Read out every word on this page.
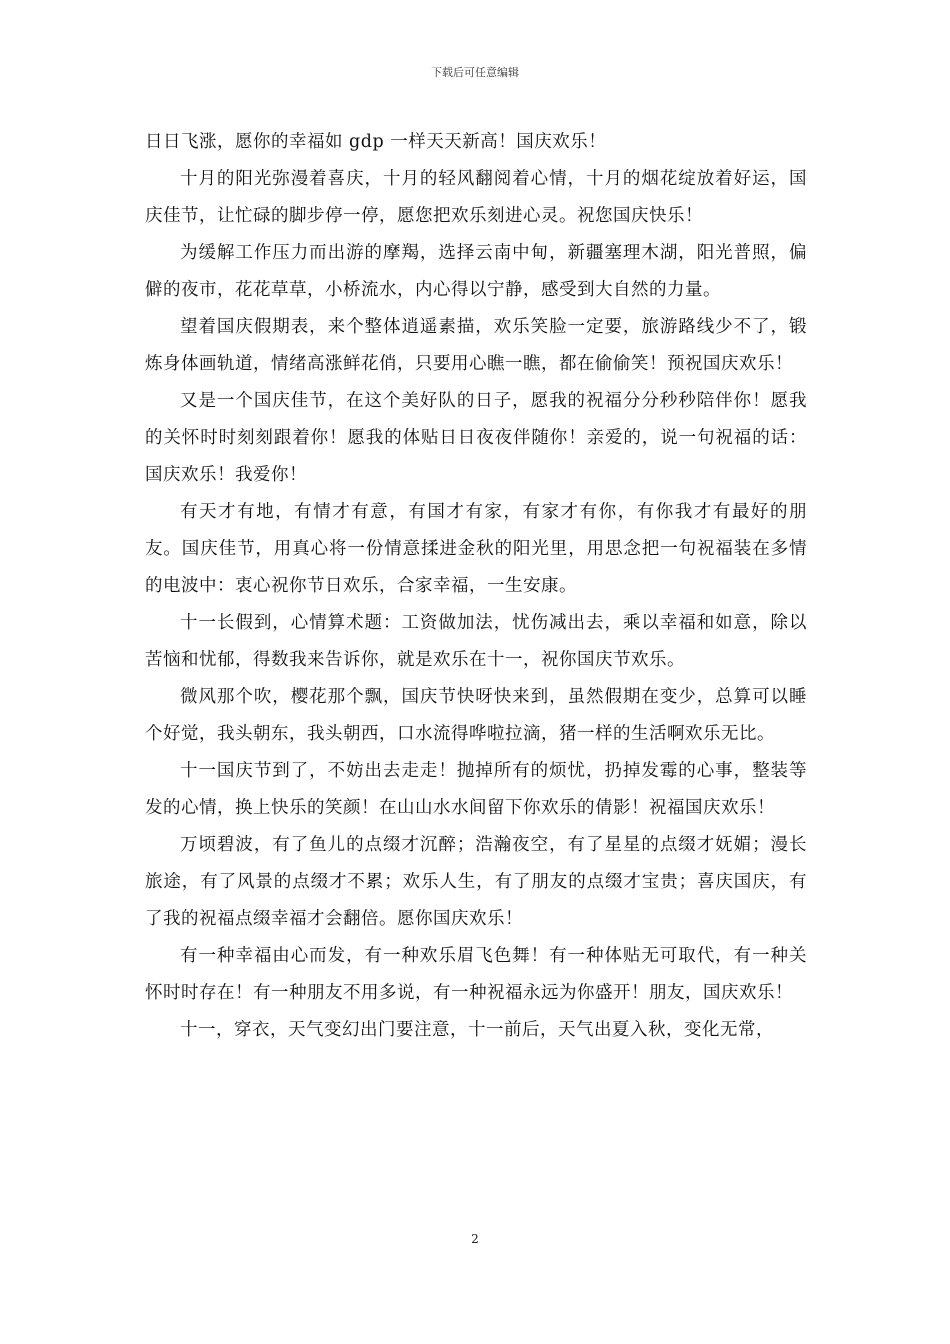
下载后可任意编辑

日日飞涨，愿你的幸福如 gdp 一样天天新高！国庆欢乐！

十月的阳光弥漫着喜庆，十月的轻风翻阅着心情，十月的烟花绽放着好运，国庆佳节，让忙碌的脚步停一停，愿您把欢乐刻进心灵。祝您国庆快乐！

为缓解工作压力而出游的摩羯，选择云南中甸，新疆塞理木湖，阳光普照，偏僻的夜市，花花草草，小桥流水，内心得以宁静，感受到大自然的力量。

望着国庆假期表，来个整体逍遥素描，欢乐笑脸一定要，旅游路线少不了，锻炼身体画轨道，情绪高涨鲜花俏，只要用心瞧一瞧，都在偷偷笑！预祝国庆欢乐！

又是一个国庆佳节，在这个美好队的日子，愿我的祝福分分秒秒陪伴你！愿我的关怀时时刻刻跟着你！愿我的体贴日日夜夜伴随你！亲爱的，说一句祝福的话：国庆欢乐！我爱你！

有天才有地，有情才有意，有国才有家，有家才有你，有你我才有最好的朋友。国庆佳节，用真心将一份情意揉进金秋的阳光里，用思念把一句祝福装在多情的电波中：衷心祝你节日欢乐，合家幸福，一生安康。

十一长假到，心情算术题：工资做加法，忧伤减出去，乘以幸福和如意，除以苦恼和忧郁，得数我来告诉你，就是欢乐在十一，祝你国庆节欢乐。

微风那个吹，樱花那个飘，国庆节快呀快来到，虽然假期在变少，总算可以睡个好觉，我头朝东，我头朝西，口水流得哗啦拉滴，猪一样的生活啊欢乐无比。

十一国庆节到了，不妨出去走走！抛掉所有的烦忧，扔掉发霉的心事，整装等发的心情，换上快乐的笑颜！在山山水水间留下你欢乐的倩影！祝福国庆欢乐！

万顷碧波，有了鱼儿的点缀才沉醉；浩瀚夜空，有了星星的点缀才妩媚；漫长旅途，有了风景的点缀才不累；欢乐人生，有了朋友的点缀才宝贵；喜庆国庆，有了我的祝福点缀幸福才会翻倍。愿你国庆欢乐！

有一种幸福由心而发，有一种欢乐眉飞色舞！有一种体贴无可取代，有一种关怀时时存在！有一种朋友不用多说，有一种祝福永远为你盛开！朋友，国庆欢乐！

十一，穿衣，天气变幻出门要注意，十一前后，天气出夏入秋，变化无常，

2
